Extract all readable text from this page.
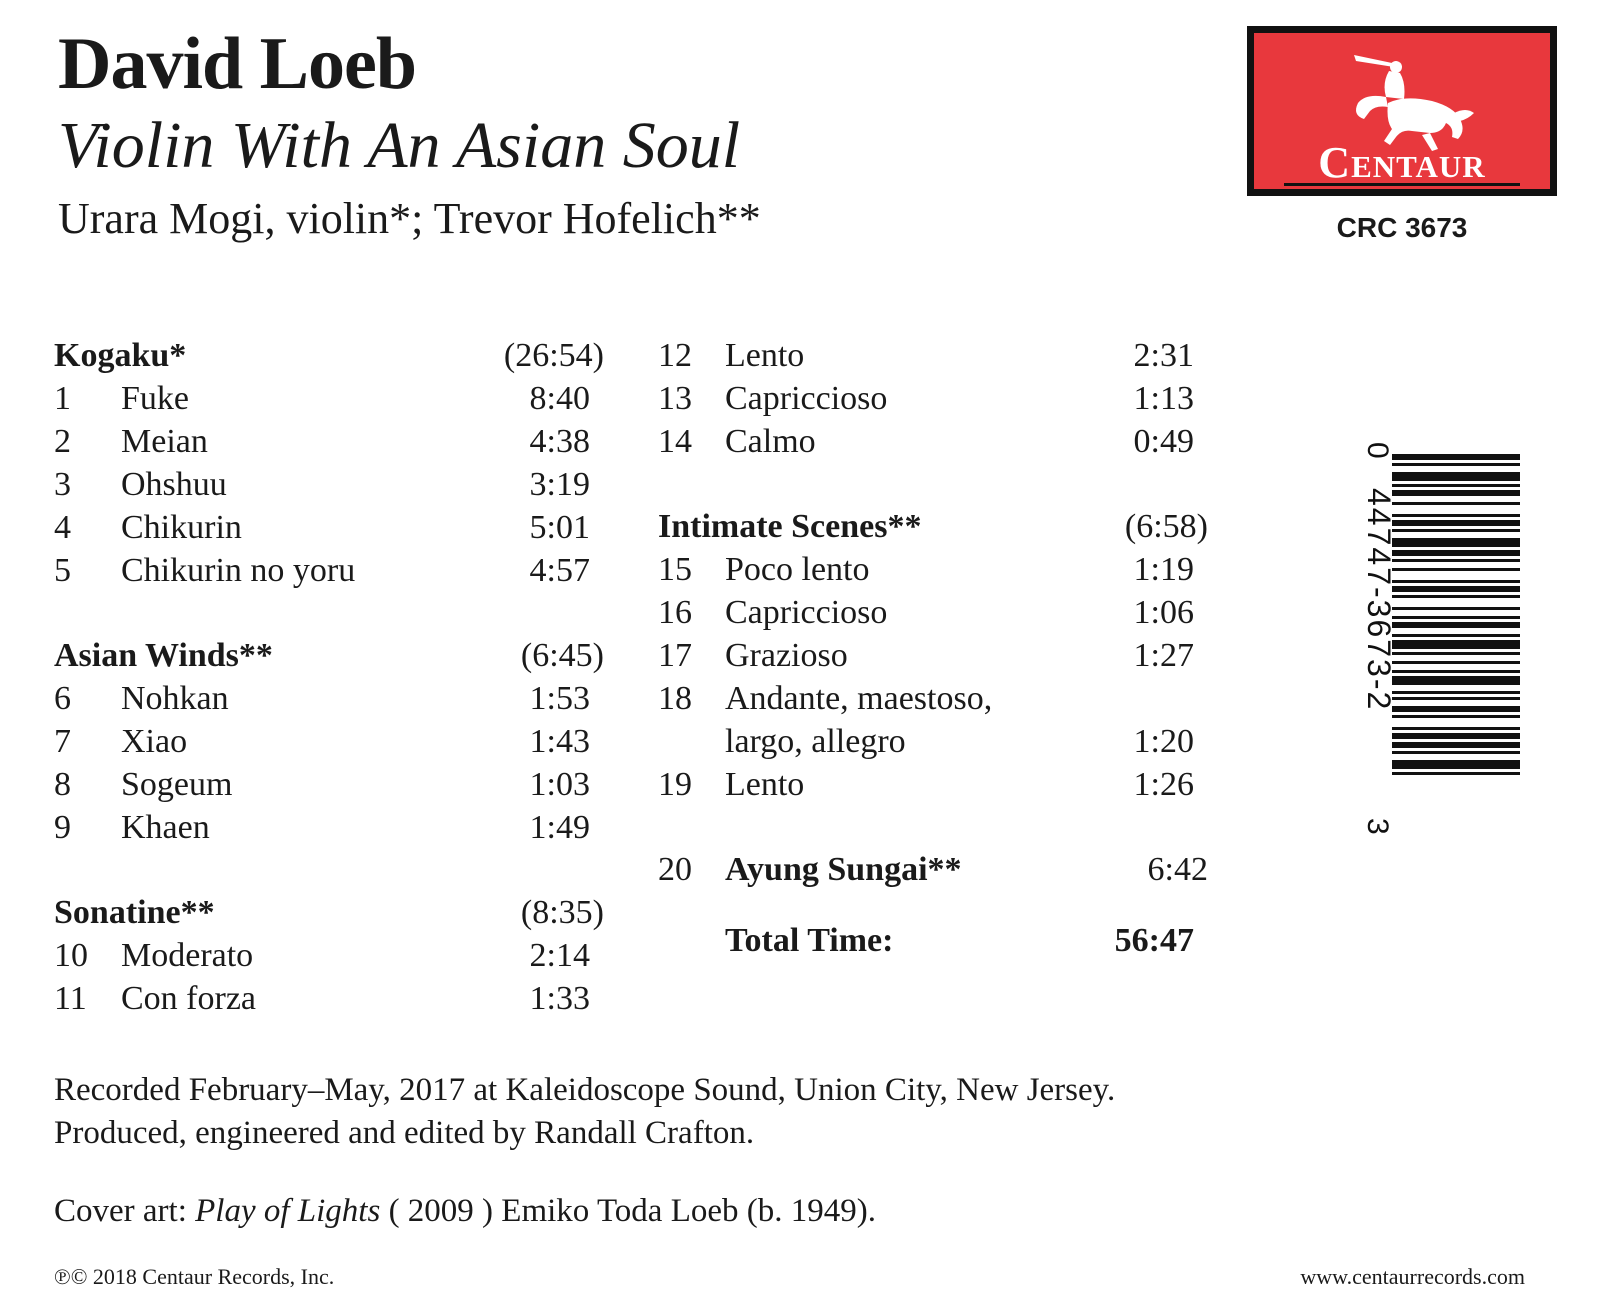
David Loeb
Violin With An Asian Soul
Urara Mogi, violin*; Trevor Hofelich**
Centaur
CRC 3673
Kogaku*	(26:54)
1 Fuke	8:40
2 Meian	4:38
3 Ohshuu	3:19
4 Chikurin	5:01
5 Chikurin no yoru	4:57
Asian Winds**	(6:45)
6 Nohkan	1:53
7 Xiao	1:43
8 Sogeum	1:03
9 Khaen	1:49
Sonatine**	(8:35)
10 Moderato	2:14
11 Con forza	1:33
12 Lento	2:31
13 Capriccioso	1:13
14 Calmo	0:49
Intimate Scenes**	(6:58)
15 Poco lento	1:19
16 Capriccioso	1:06
17 Grazioso	1:27
18 Andante, maestoso,
largo, allegro	1:20
19 Lento	1:26
20 Ayung Sungai**	6:42
Total Time:	56:47
Recorded February–May, 2017 at Kaleidoscope Sound, Union City, New Jersey.
Produced, engineered and edited by Randall Crafton.
Cover art: Play of Lights ( 2009 ) Emiko Toda Loeb (b. 1949).
℗© 2018 Centaur Records, Inc.	www.centaurrecords.com
0
44747-3673-2
3
